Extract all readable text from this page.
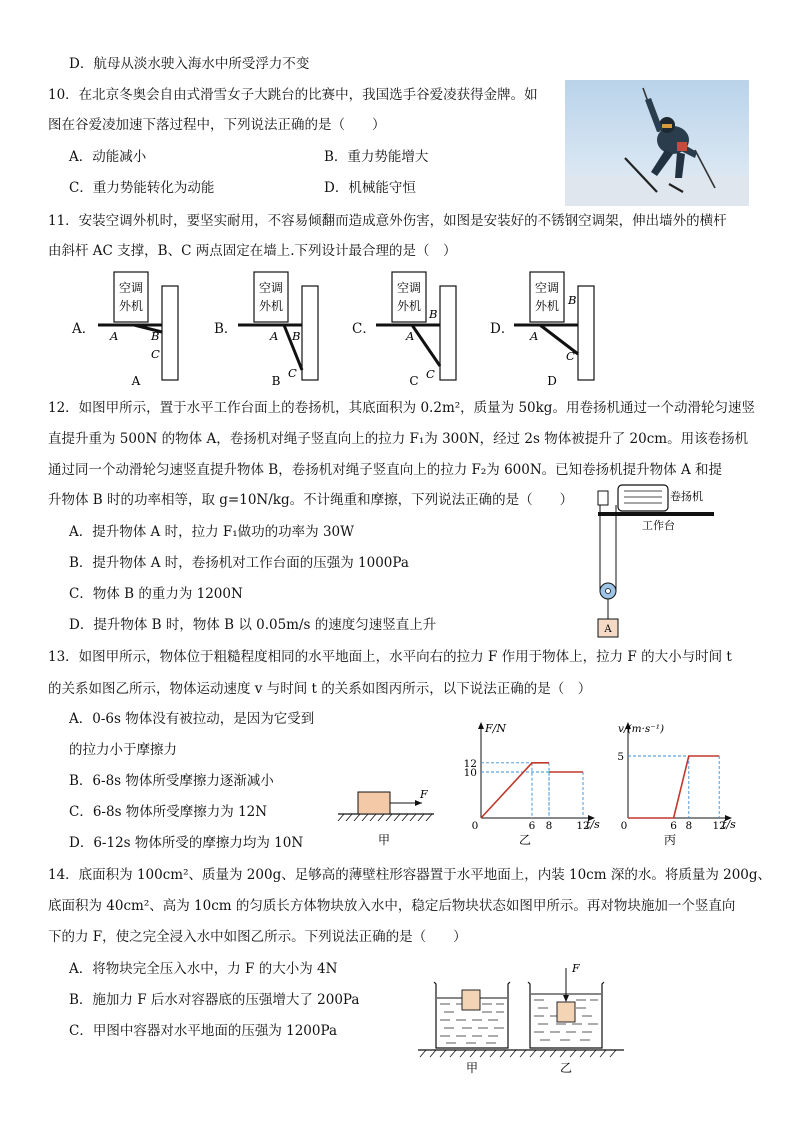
D．航母从淡水驶入海水中所受浮力不变
10．在北京冬奥会自由式滑雪女子大跳台的比赛中，我国选手谷爱凌获得金牌。如
图在谷爱凌加速下落过程中，下列说法正确的是（　　）
A．动能减小	B．重力势能增大
C．重力势能转化为动能	D．机械能守恒
11．安装空调外机时，要坚实耐用，不容易倾翻而造成意外伤害，如图是安装好的不锈钢空调架，伸出墙外的横杆
由斜杆 AC 支撑，B、C 两点固定在墙上.下列设计最合理的是（　）
A．
空调
外机
A	B
C
A
B．
空调
外机
A B
C
B
C．
空调
外机
A
B
C
C
D．
空调
外机
A
B
C
D
12．如图甲所示，置于水平工作台面上的卷扬机，其底面积为 0.2m²，质量为 50kg。用卷扬机通过一个动滑轮匀速竖
直提升重为 500N 的物体 A，卷扬机对绳子竖直向上的拉力 F₁为 300N，经过 2s 物体被提升了 20cm。用该卷扬机
通过同一个动滑轮匀速竖直提升物体 B，卷扬机对绳子竖直向上的拉力 F₂为 600N。已知卷扬机提升物体 A 和提
升物体 B 时的功率相等，取 g=10N/kg。不计绳重和摩擦，下列说法正确的是（　　）
A．提升物体 A 时，拉力 F₁做功的功率为 30W
B．提升物体 A 时，卷扬机对工作台面的压强为 1000Pa
C．物体 B 的重力为 1200N
D．提升物体 B 时，物体 B 以 0.05m/s 的速度匀速竖直上升
卷扬机
工作台
A
13．如图甲所示，物体位于粗糙程度相同的水平地面上，水平向右的拉力 F 作用于物体上，拉力 F 的大小与时间 t
的关系如图乙所示，物体运动速度 v 与时间 t 的关系如图丙所示，以下说法正确的是（　）
A．0-6s 物体没有被拉动，是因为它受到
的拉力小于摩擦力
B．6-8s 物体所受摩擦力逐渐减小
C．6-8s 物体所受摩擦力为 12N
D．6-12s 物体所受的摩擦力均为 10N
F
甲
F/N
t/s
12
10
0	6 8 12
乙
v/(m·s⁻¹)
t/s
5
0	6 8 12
丙
14．底面积为 100cm²、质量为 200g、足够高的薄壁柱形容器置于水平地面上，内装 10cm 深的水。将质量为 200g、
底面积为 40cm²、高为 10cm 的匀质长方体物块放入水中，稳定后物块状态如图甲所示。再对物块施加一个竖直向
下的力 F，使之完全浸入水中如图乙所示。下列说法正确的是（　　）
A．将物块完全压入水中，力 F 的大小为 4N
B．施加力 F 后水对容器底的压强增大了 200Pa
C．甲图中容器对水平地面的压强为 1200Pa
甲
F
乙
